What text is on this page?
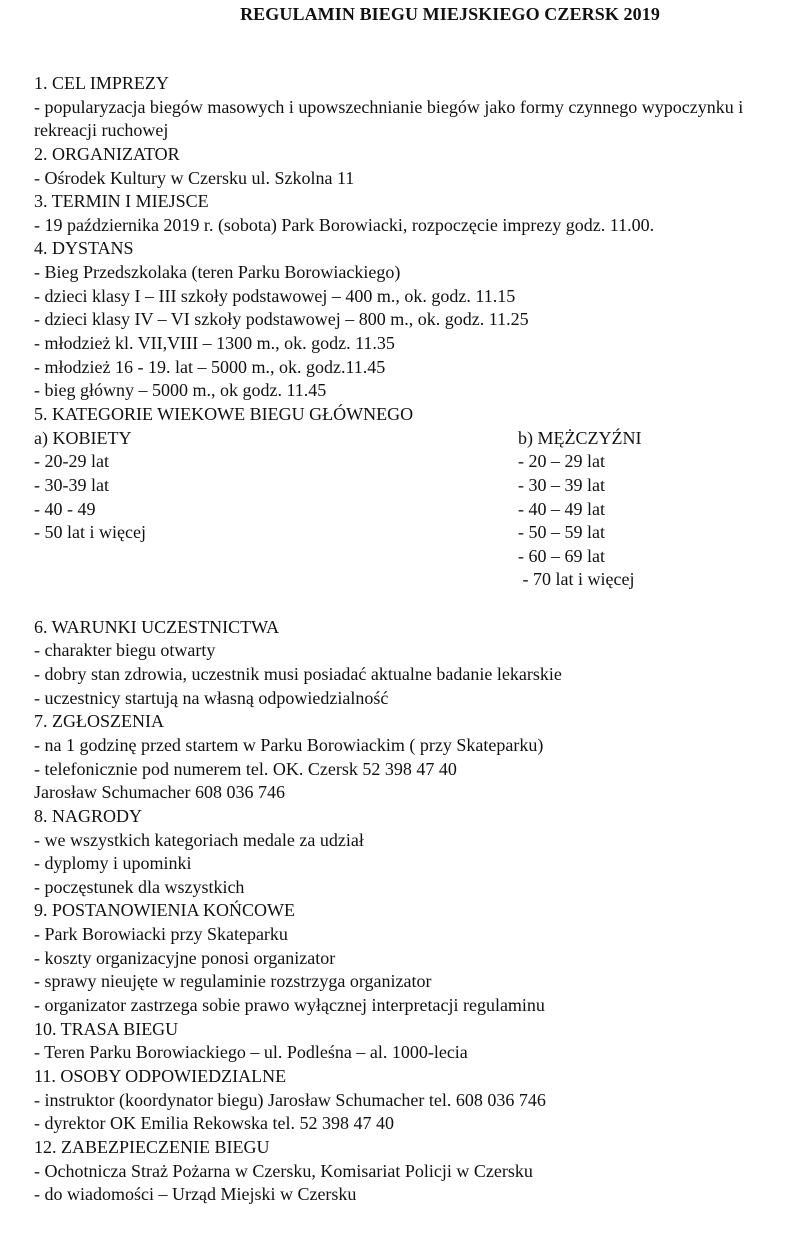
REGULAMIN BIEGU MIEJSKIEGO CZERSK 2019
1. CEL IMPREZY
- popularyzacja biegów masowych i upowszechnianie biegów jako formy czynnego wypoczynku i
rekreacji ruchowej
2. ORGANIZATOR
- Ośrodek Kultury w Czersku ul. Szkolna 11
3. TERMIN I MIEJSCE
- 19 października 2019 r. (sobota) Park Borowiacki, rozpoczęcie imprezy godz. 11.00.
4. DYSTANS
- Bieg Przedszkolaka (teren Parku Borowiackiego)
- dzieci klasy I – III szkoły podstawowej – 400 m., ok. godz. 11.15
- dzieci klasy IV – VI szkoły podstawowej – 800 m., ok. godz. 11.25
- młodzież kl. VII,VIII – 1300 m., ok. godz. 11.35
- młodzież 16 - 19. lat – 5000 m., ok. godz.11.45
- bieg główny – 5000 m., ok godz. 11.45
5. KATEGORIE WIEKOWE BIEGU GŁÓWNEGO
a) KOBIETY
- 20-29 lat
- 30-39 lat
- 40 - 49
- 50 lat i więcej
b) MĘŻCZYŹNI
- 20 – 29 lat
- 30 – 39 lat
- 40 – 49 lat
- 50 – 59 lat
- 60 – 69 lat
- 70 lat i więcej
6. WARUNKI UCZESTNICTWA
- charakter biegu otwarty
- dobry stan zdrowia, uczestnik musi posiadać aktualne badanie lekarskie
- uczestnicy startują na własną odpowiedzialność
7. ZGŁOSZENIA
- na 1 godzinę przed startem w Parku Borowiackim ( przy Skateparku)
- telefonicznie pod numerem tel. OK. Czersk 52 398 47 40
Jarosław Schumacher 608 036 746
8. NAGRODY
- we wszystkich kategoriach medale za udział
- dyplomy i upominki
- poczęstunek dla wszystkich
9. POSTANOWIENIA KOŃCOWE
- Park Borowiacki przy Skateparku
- koszty organizacyjne ponosi organizator
- sprawy nieujęte w regulaminie rozstrzyga organizator
- organizator zastrzega sobie prawo wyłącznej interpretacji regulaminu
10. TRASA BIEGU
- Teren Parku Borowiackiego – ul. Podleśna – al. 1000-lecia
11. OSOBY ODPOWIEDZIALNE
- instruktor (koordynator biegu) Jarosław Schumacher tel. 608 036 746
- dyrektor OK Emilia Rekowska tel. 52 398 47 40
12. ZABEZPIECZENIE BIEGU
- Ochotnicza Straż Pożarna w Czersku, Komisariat Policji w Czersku
- do wiadomości – Urząd Miejski w Czersku
